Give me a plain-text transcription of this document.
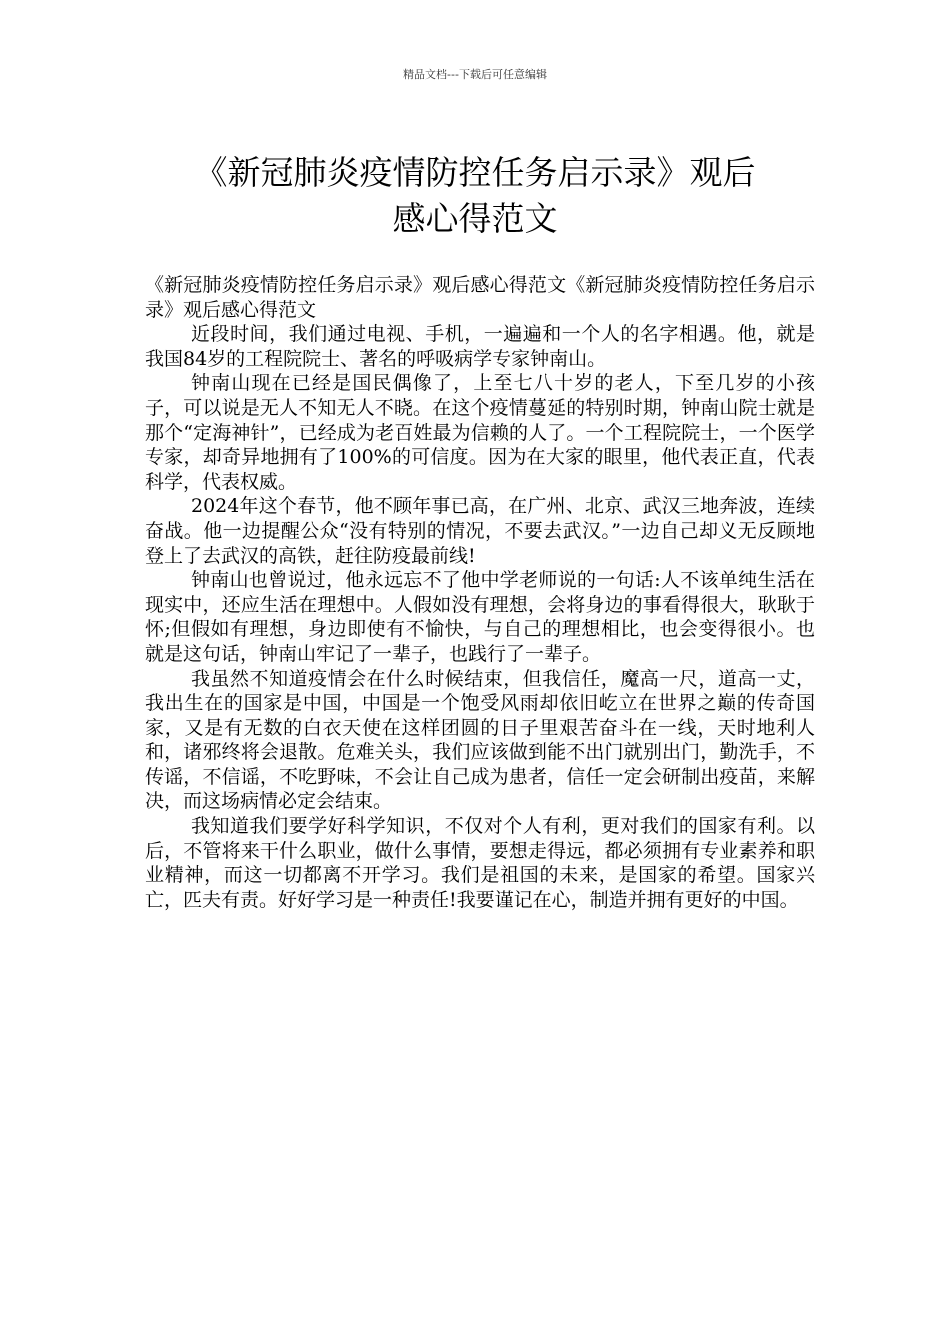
精品文档---下载后可任意编辑
《新冠肺炎疫情防控任务启示录》观后
感心得范文

《新冠肺炎疫情防控任务启示录》观后感心得范文《新冠肺炎疫情防控任务启示录》观后感心得范文

近段时间，我们通过电视、手机，一遍遍和一个人的名字相遇。他，就是我国84岁的工程院院士、著名的呼吸病学专家钟南山。

钟南山现在已经是国民偶像了，上至七八十岁的老人，下至几岁的小孩子，可以说是无人不知无人不晓。在这个疫情蔓延的特别时期，钟南山院士就是那个“定海神针”，已经成为老百姓最为信赖的人了。一个工程院院士，一个医学专家，却奇异地拥有了100%的可信度。因为在大家的眼里，他代表正直，代表科学，代表权威。

2024年这个春节，他不顾年事已高，在广州、北京、武汉三地奔波，连续奋战。他一边提醒公众“没有特别的情况，不要去武汉。”一边自己却义无反顾地登上了去武汉的高铁，赶往防疫最前线!

钟南山也曾说过，他永远忘不了他中学老师说的一句话:人不该单纯生活在现实中，还应生活在理想中。人假如没有理想，会将身边的事看得很大，耿耿于怀;但假如有理想，身边即使有不愉快，与自己的理想相比，也会变得很小。也就是这句话，钟南山牢记了一辈子，也践行了一辈子。

我虽然不知道疫情会在什么时候结束，但我信任，魔高一尺，道高一丈，我出生在的国家是中国，中国是一个饱受风雨却依旧屹立在世界之巅的传奇国家，又是有无数的白衣天使在这样团圆的日子里艰苦奋斗在一线，天时地利人和，诸邪终将会退散。危难关头，我们应该做到能不出门就别出门，勤洗手，不传谣，不信谣，不吃野味，不会让自己成为患者，信任一定会研制出疫苗，来解决，而这场病情必定会结束。

我知道我们要学好科学知识，不仅对个人有利，更对我们的国家有利。以后，不管将来干什么职业，做什么事情，要想走得远，都必须拥有专业素养和职业精神，而这一切都离不开学习。我们是祖国的未来，是国家的希望。国家兴亡，匹夫有责。好好学习是一种责任!我要谨记在心，制造并拥有更好的中国。
